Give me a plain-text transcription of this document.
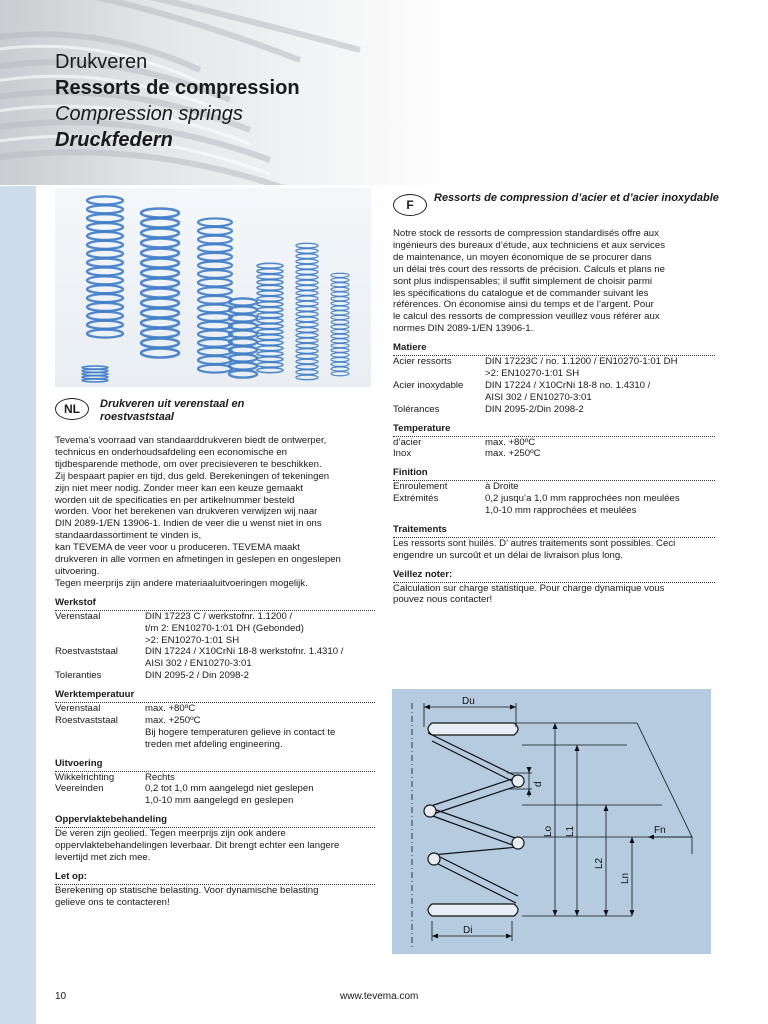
Drukveren
Ressorts de compression
Compression springs
Druckfedern
NL	Drukveren uit verenstaal en roestvaststaal
Tevema’s voorraad van standaarddrukveren biedt de ontwerper,
technicus en onderhoudsafdeling een economische en
tijdbesparende methode, om over precisieveren te beschikken.
Zij bespaart papier en tijd, dus geld. Berekeningen of tekeningen
zijn niet meer nodig. Zonder meer kan een keuze gemaakt
worden uit de specificaties en per artikelnummer besteld
worden. Voor het berekenen van drukveren verwijzen wij naar
DIN 2089-1/EN 13906-1. Indien de veer die u wenst niet in ons
standaardassortiment te vinden is,
kan TEVEMA de veer voor u produceren. TEVEMA maakt
drukveren in alle vormen en afmetingen in geslepen en ongeslepen
uitvoering.
Tegen meerprijs zijn andere materiaaluitvoeringen mogelijk.
Werkstof
Verenstaal	DIN 17223 C / werkstofnr. 1.1200 /
t/m 2: EN10270-1:01 DH (Gebonded)
>2: EN10270-1:01 SH
Roestvaststaal	DIN 17224 / X10CrNi 18-8 werkstofnr. 1.4310 /
AISI 302 / EN10270-3:01
Toleranties	DIN 2095-2 / Din 2098-2
Werktemperatuur
Verenstaal	max. +80ºC
Roestvaststaal	max. +250ºC
Bij hogere temperaturen gelieve in contact te
treden met afdeling engineering.
Uitvoering
Wikkelrichting	Rechts
Veereinden	0,2 tot 1,0 mm aangelegd niet geslepen
1,0-10 mm aangelegd en geslepen
Oppervlaktebehandeling
De veren zijn geolied. Tegen meerprijs zijn ook andere
oppervlaktebehandelingen leverbaar. Dit brengt echter een langere
levertijd met zich mee.
Let op:
Berekening op statische belasting. Voor dynamische belasting
gelieve ons te contacteren!
F	Ressorts de compression d’acier et d’acier inoxydable
Notre stock de ressorts de compression standardisés offre aux
ingénieurs des bureaux d’étude, aux techniciens et aux services
de maintenance, un moyen économique de se procurer dans
un délai très court des ressorts de précision. Calculs et plans ne
sont plus indispensables; il suffit simplement de choisir parmi
les spécifications du catalogue et de commander suivant les
références. On économise ainsi du temps et de l’argent. Pour
le calcul des ressorts de compression veuillez vous référer aux
normes DIN 2089-1/EN 13906-1.
Matiere
Acier ressorts	DIN 17223C / no. 1.1200 / EN10270-1:01 DH
>2: EN10270-1:01 SH
Acier inoxydable	DIN 17224 / X10CrNi 18-8 no. 1.4310 /
AISI 302 / EN10270-3:01
Tolérances	DIN 2095-2/Din 2098-2
Temperature
d’acier	max. +80ºC
Inox	max. +250ºC
Finition
Enroulement	à Droite
Extrémités	0,2 jusqu’a 1,0 mm rapprochées non meulées
1,0-10 mm rapprochées et meulées
Traitements
Les ressorts sont huilés. D’ autres traitements sont possibles. Ceci
engendre un surcoût et un délai de livraison plus long.
Veillez noter:
Calculation sur charge statistique. Pour charge dynamique vous
pouvez nous contacter!
Du
Di
d
Lo L1
L2
Ln
Fn
10	www.tevema.com
